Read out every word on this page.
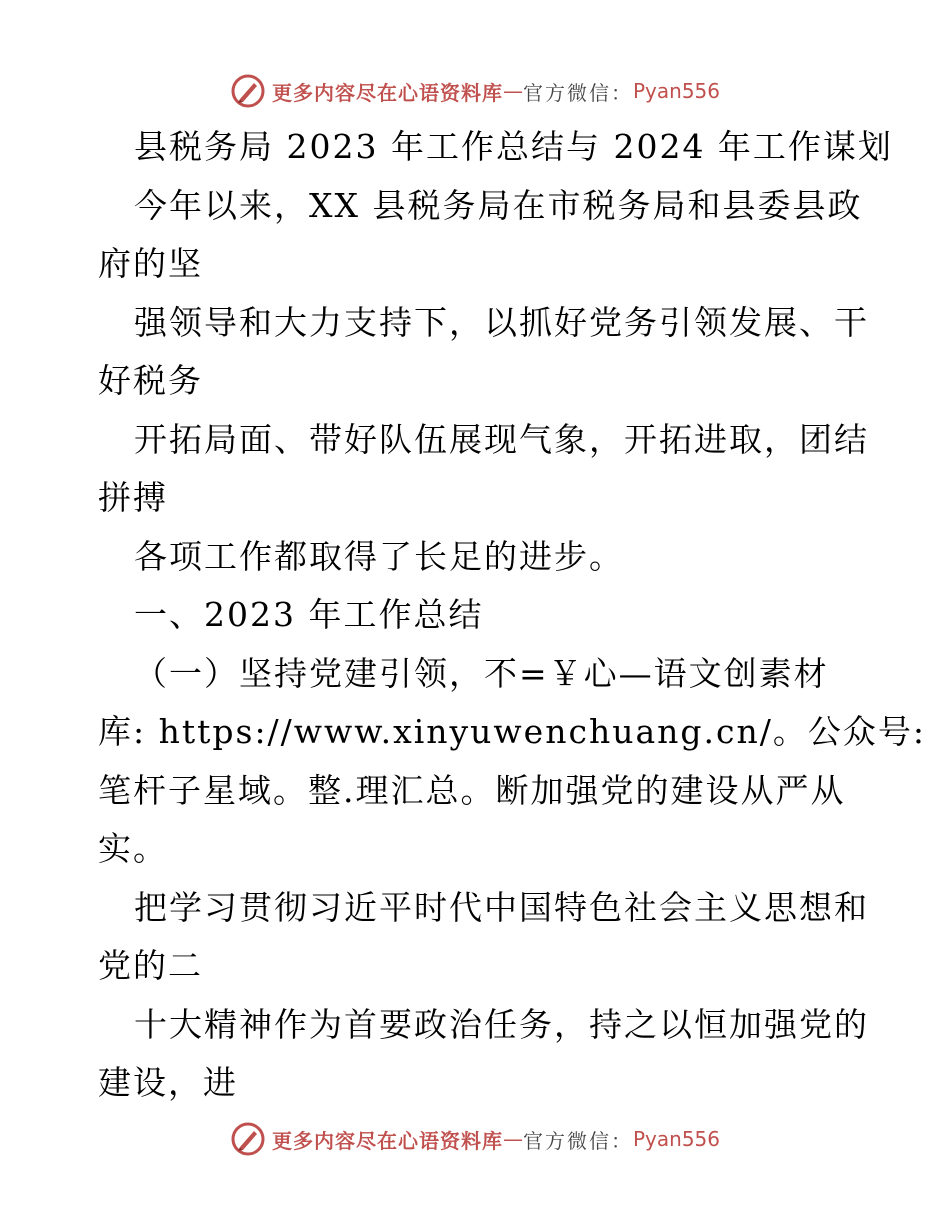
更多内容尽在心语资料库 — 官方微信： Pyan556
县税务局 2023 年工作总结与 2024 年工作谋划
今年以来，XX 县税务局在市税务局和县委县政
府的坚
强领导和大力支持下，以抓好党务引领发展、干
好税务
开拓局面、带好队伍展现气象，开拓进取，团结
拼搏
各项工作都取得了长足的进步。
一、2023 年工作总结
（一）坚持党建引领，不=￥心—语文创素材
库: https://www.xinyuwenchuang.cn/。公众号:
笔杆子星域。整.理汇总。断加强党的建设从严从
实。
把学习贯彻习近平时代中国特色社会主义思想和
党的二
十大精神作为首要政治任务，持之以恒加强党的
建设，进
更多内容尽在心语资料库 — 官方微信： Pyan556
